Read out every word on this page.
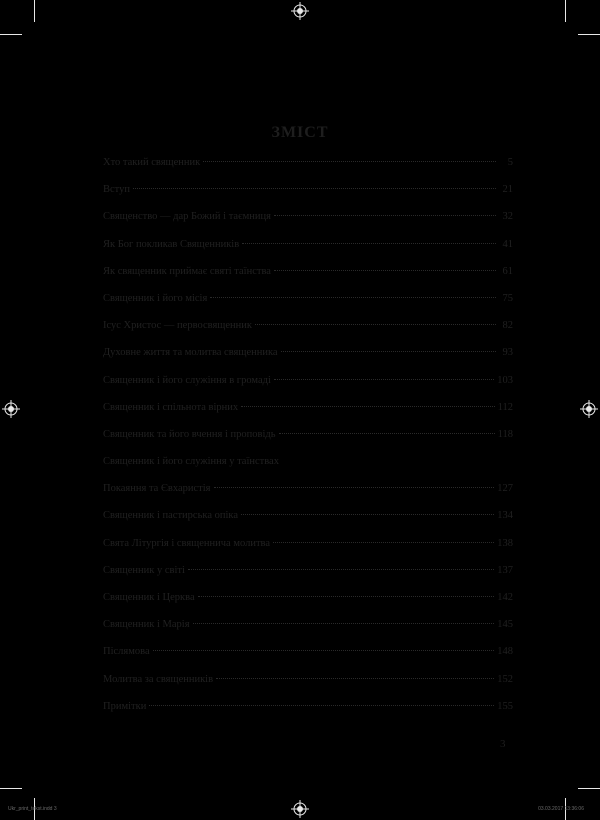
ЗМІСТ
Хто такий священник	5
Вступ	21
Священство — дар Божий і таємниця	32
Як Бог покликав Священників	41
Як священник приймає святі таїнства	61
Священник і його місія	75
Ісус Христос — первосвященник	82
Духовне життя та молитва священника	93
Священник і його служіння в громаді	103
Священник і спільнота вірних	112
Священник та його вчення і проповідь	118
Священник і його служіння у таїнствах
Покаяння та Євхаристія	127
Священник і пастирська опіка	134
Свята Літургія і священнича молитва	138
Священник у світі	137
Священник і Церква	142
Священник і Марія	145
Післямова	148
Молитва за священників	152
Примітки	155
3
Ukr_print_tekst.indd 3	03.03.2017 13:36:06
